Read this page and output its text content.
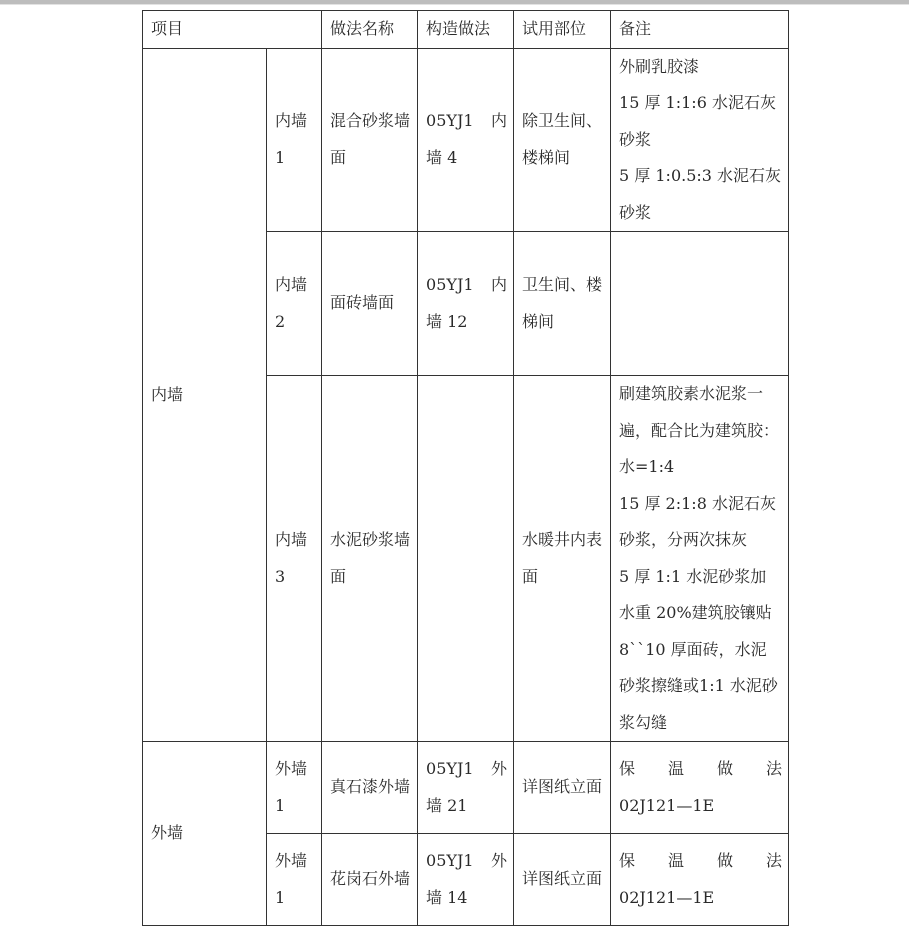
项目		做法名称	构造做法	试用部位	备注
内墙	内墙1	混合砂浆墙面	05YJ1 内
墙 4	除卫生间、楼梯间	外刷乳胶漆
15 厚 1:1:6 水泥石灰砂浆
5 厚 1:0.5:3 水泥石灰砂浆

	内墙2	面砖墙面	05YJ1 内
墙 12	卫生间、楼梯间	
	内墙3	水泥砂浆墙面		水暖井内表面	刷建筑胶素水泥浆一遍，配合比为建筑胶：水=1:4
15 厚 2:1:8 水泥石灰砂浆，分两次抹灰
5 厚 1:1 水泥砂浆加水重 20%建筑胶镶贴 8``10 厚面砖，水泥砂浆擦缝或1:1 水泥砂浆勾缝

外墙	外墙1	真石漆外墙	05YJ1 外
墙 21	详图纸立面	保温做法
02J121—1E

	外墙1	花岗石外墙	05YJ1 外
墙 14	详图纸立面	保温做法
02J121—1E
